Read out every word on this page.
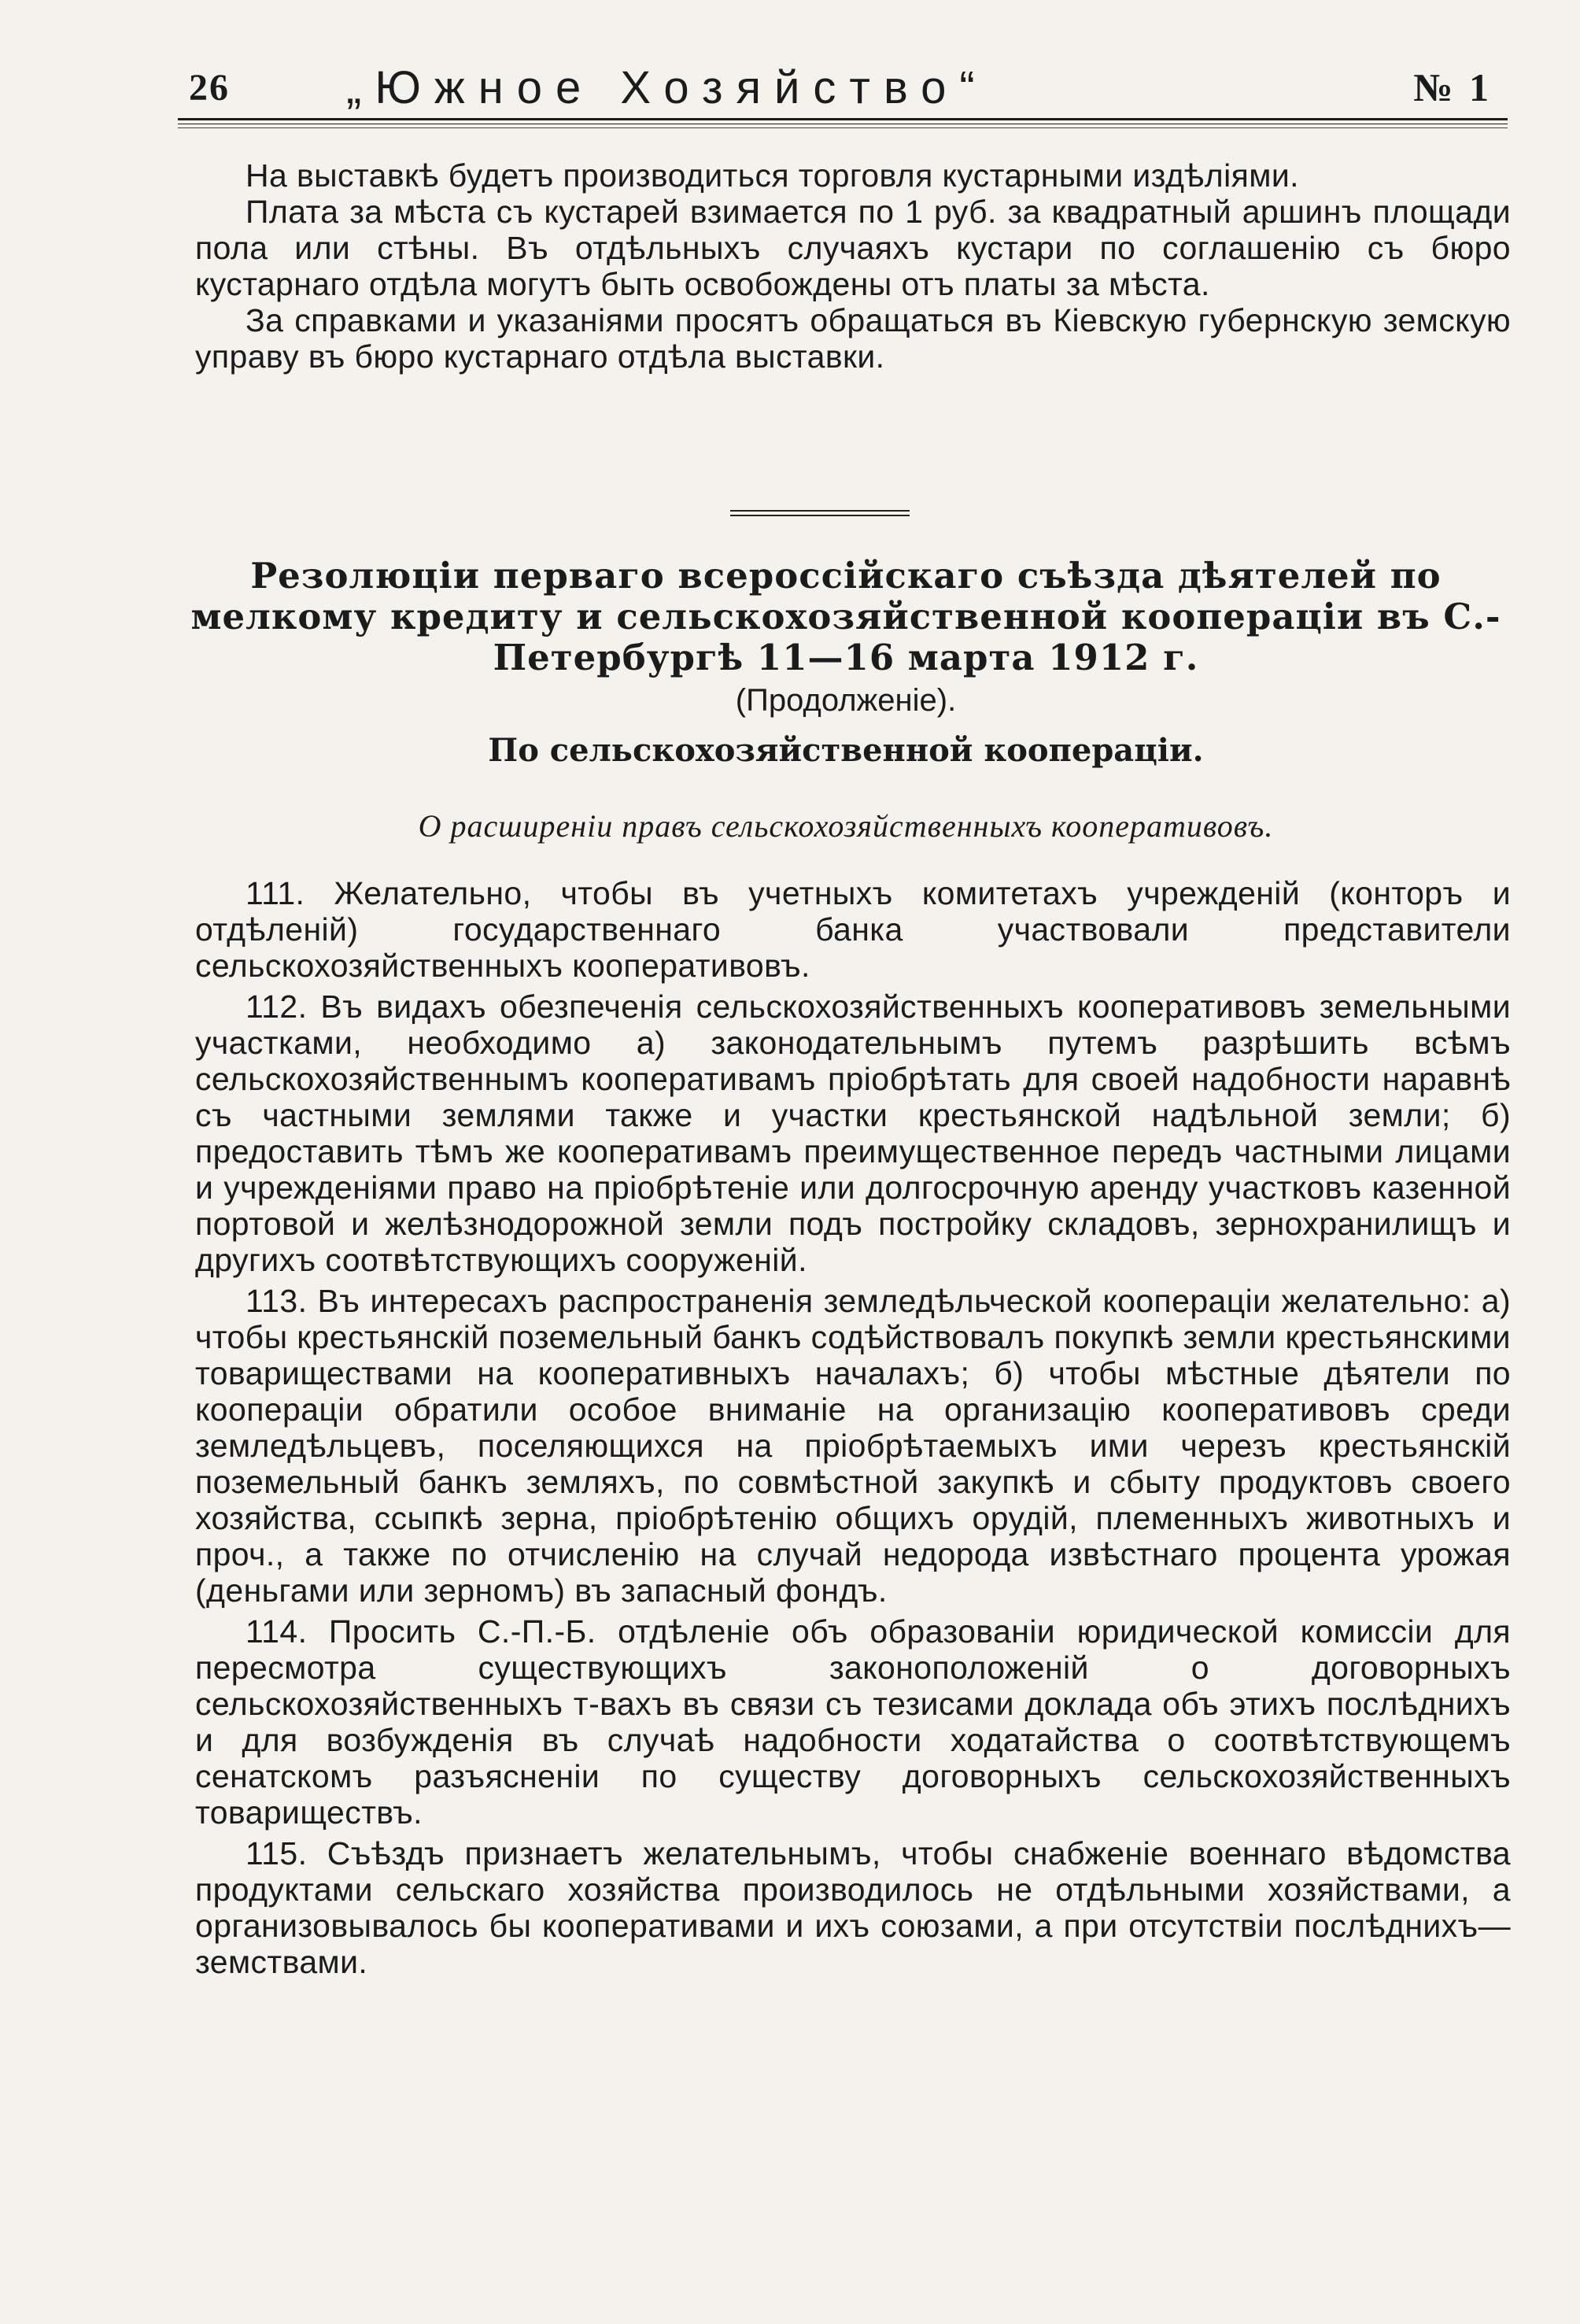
26	„Южное Хозяйство“	№ 1

На выставкѣ будетъ производиться торговля кустарными издѣліями.

Плата за мѣста съ кустарей взимается по 1 руб. за квадратный аршинъ площади пола или стѣны. Въ отдѣльныхъ случаяхъ кустари по соглашенію съ бюро кустарнаго отдѣла могутъ быть освобождены отъ платы за мѣста.

За справками и указаніями просятъ обращаться въ Кіевскую губернскую земскую управу въ бюро кустарнаго отдѣла выставки.

Резолюціи перваго всероссійскаго съѣзда дѣятелей по мелкому кредиту и сельскохозяйственной коопераціи въ С.-Петербургѣ 11—16 марта 1912 г.
(Продолженіе).
По сельскохозяйственной коопераціи.
О расширеніи правъ сельскохозяйственныхъ кооперативовъ.

111. Желательно, чтобы въ учетныхъ комитетахъ учрежденій (конторъ и отдѣленій) государственнаго банка участвовали представители сельскохозяйственныхъ кооперативовъ.

112. Въ видахъ обезпеченія сельскохозяйственныхъ кооперативовъ земельными участками, необходимо а) законодательнымъ путемъ разрѣшить всѣмъ сельскохозяйственнымъ кооперативамъ пріобрѣтать для своей надобности наравнѣ съ частными землями также и участки крестьянской надѣльной земли; б) предоставить тѣмъ же кооперативамъ преимущественное передъ частными лицами и учрежденіями право на пріобрѣтеніе или долгосрочную аренду участковъ казенной портовой и желѣзнодорожной земли подъ постройку складовъ, зернохранилищъ и другихъ соотвѣтствующихъ сооруженій.

113. Въ интересахъ распространенія земледѣльческой коопераціи желательно: а) чтобы крестьянскій поземельный банкъ содѣйствовалъ покупкѣ земли крестьянскими товариществами на кооперативныхъ началахъ; б) чтобы мѣстные дѣятели по коопераціи обратили особое вниманіе на организацію кооперативовъ среди земледѣльцевъ, поселяющихся на пріобрѣтаемыхъ ими черезъ крестьянскій поземельный банкъ земляхъ, по совмѣстной закупкѣ и сбыту продуктовъ своего хозяйства, ссыпкѣ зерна, пріобрѣтенію общихъ орудій, племенныхъ животныхъ и проч., а также по отчисленію на случай недорода извѣстнаго процента урожая (деньгами или зерномъ) въ запасный фондъ.

114. Просить С.-П.-Б. отдѣленіе объ образованіи юридической комиссіи для пересмотра существующихъ законоположеній о договорныхъ сельскохозяйственныхъ т-вахъ въ связи съ тезисами доклада объ этихъ послѣднихъ и для возбужденія въ случаѣ надобности ходатайства о соотвѣтствующемъ сенатскомъ разъясненіи по существу договорныхъ сельскохозяйственныхъ товариществъ.

115. Съѣздъ признаетъ желательнымъ, чтобы снабженіе военнаго вѣдомства продуктами сельскаго хозяйства производилось не отдѣльными хозяйствами, а организовывалось бы кооперативами и ихъ союзами, а при отсутствіи послѣднихъ—земствами.
